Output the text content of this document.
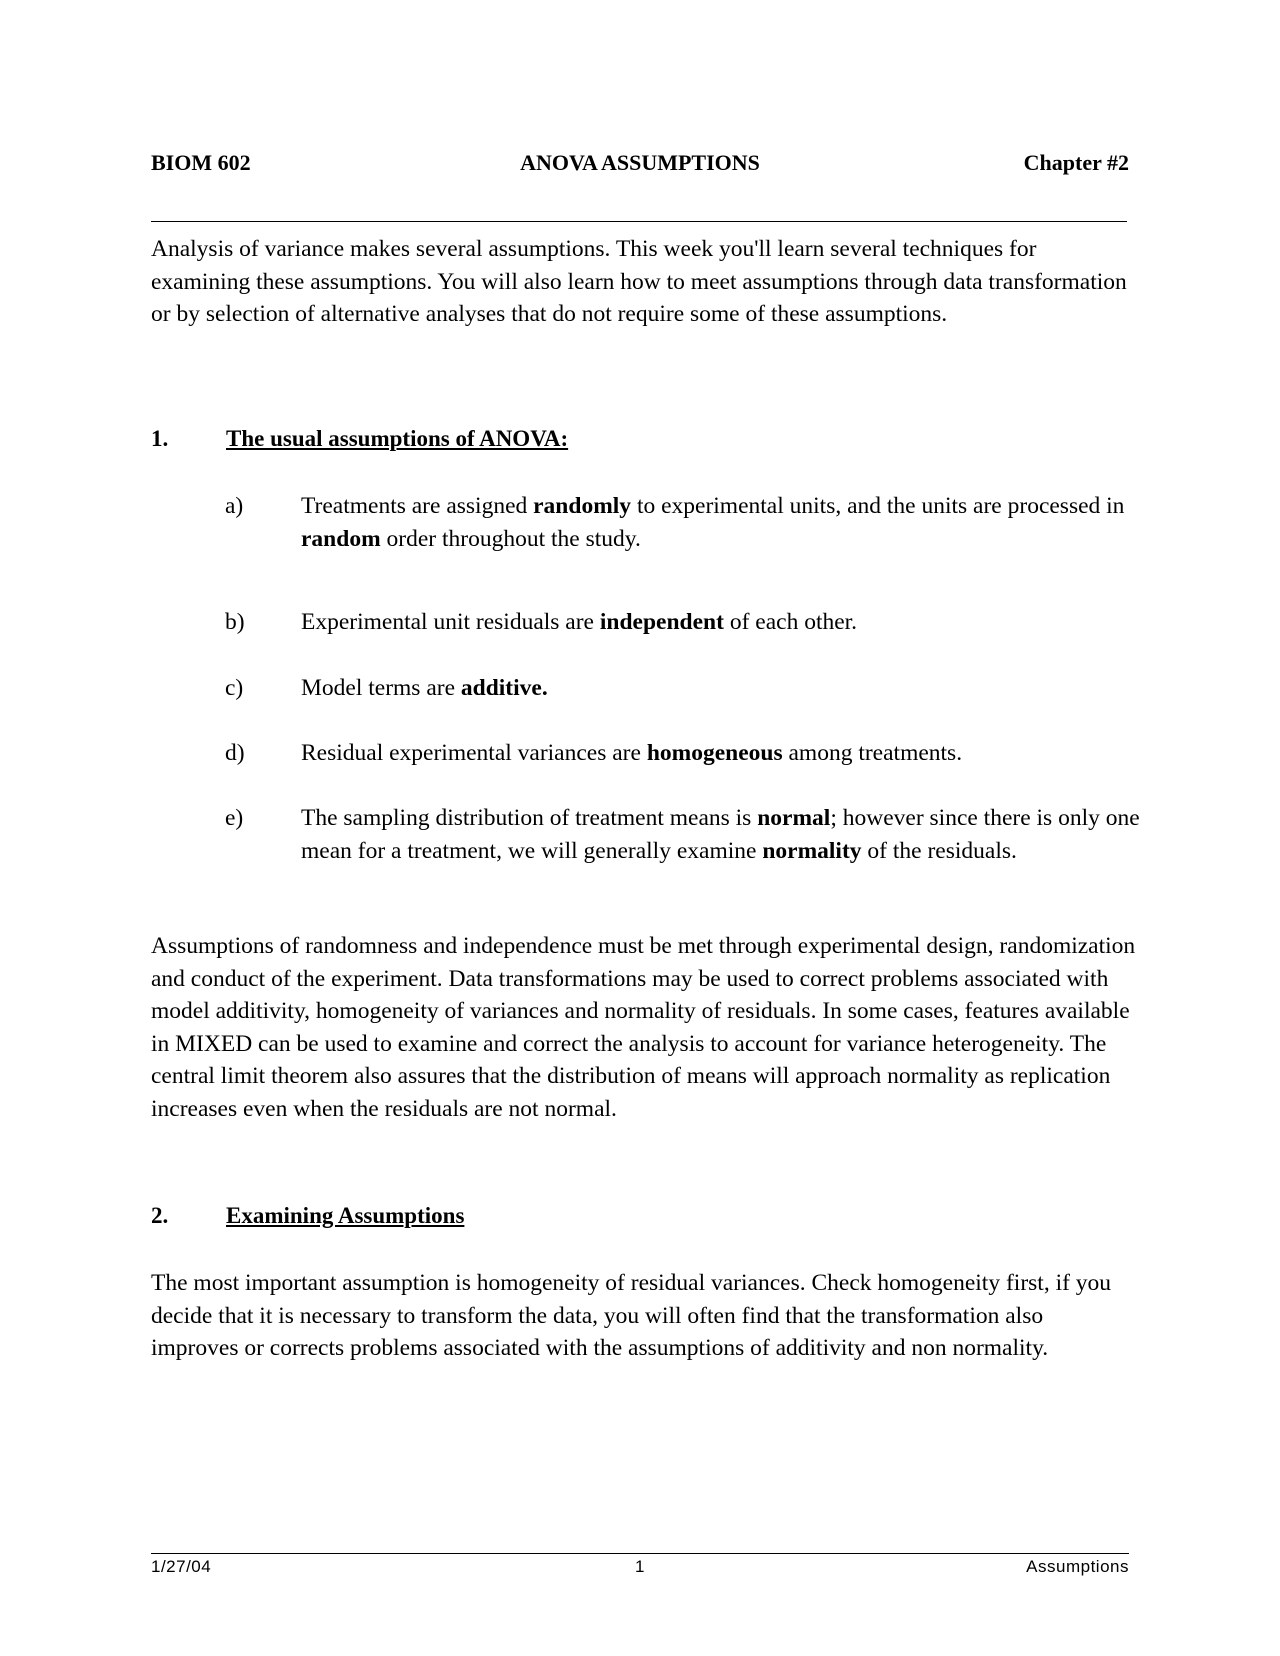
BIOM 602	ANOVA ASSUMPTIONS	Chapter #2

Analysis of variance makes several assumptions. This week you'll learn several techniques for examining these assumptions. You will also learn how to meet assumptions through data transformation or by selection of alternative analyses that do not require some of these assumptions.

1.	The usual assumptions of ANOVA:
a) Treatments are assigned randomly to experimental units, and the units are processed in random order throughout the study.
b) Experimental unit residuals are independent of each other.
c) Model terms are additive.
d) Residual experimental variances are homogeneous among treatments.
e) The sampling distribution of treatment means is normal; however since there is only one mean for a treatment, we will generally examine normality of the residuals.

Assumptions of randomness and independence must be met through experimental design, randomization and conduct of the experiment. Data transformations may be used to correct problems associated with model additivity, homogeneity of variances and normality of residuals. In some cases, features available in MIXED can be used to examine and correct the analysis to account for variance heterogeneity. The central limit theorem also assures that the distribution of means will approach normality as replication increases even when the residuals are not normal.

2.	Examining Assumptions

The most important assumption is homogeneity of residual variances. Check homogeneity first, if you decide that it is necessary to transform the data, you will often find that the transformation also improves or corrects problems associated with the assumptions of additivity and non normality.

1/27/04	1	Assumptions
